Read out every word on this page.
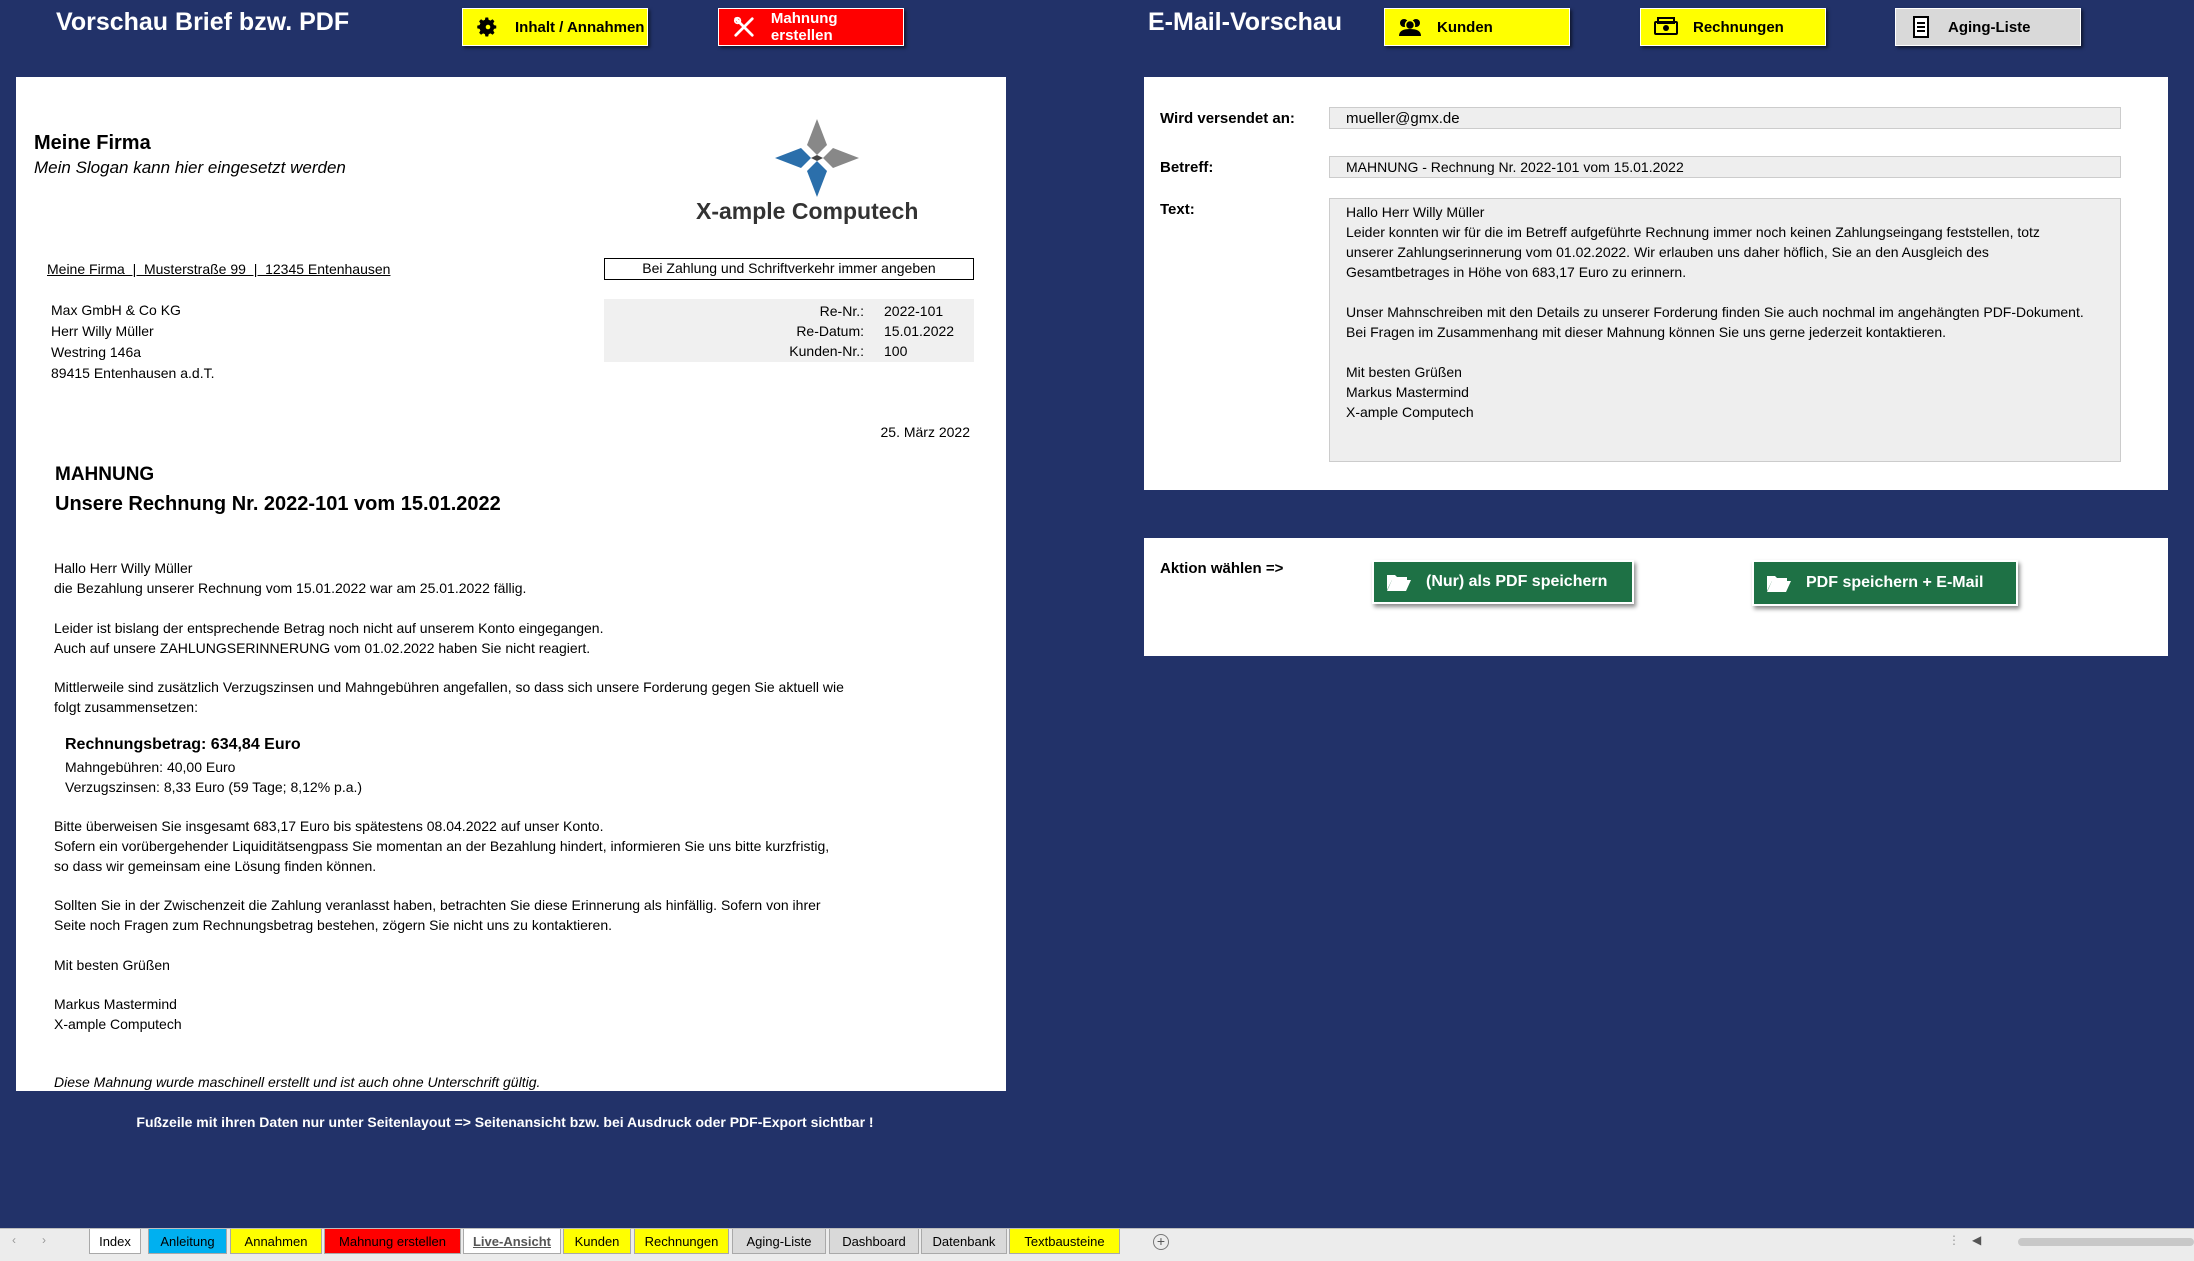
Vorschau Brief bzw. PDF	E-Mail-Vorschau
Inhalt / Annahmen	Mahnung erstellen	Kunden	Rechnungen	Aging-Liste
Meine Firma
Mein Slogan kann hier eingesetzt werden
X-ample Computech
Meine Firma  |  Musterstraße 99  |  12345 Entenhausen	Bei Zahlung und Schriftverkehr immer angeben
Max GmbH & Co KG
Herr Willy Müller
Westring 146a
89415 Entenhausen a.d.T.
Re-Nr.: 2022-101
Re-Datum: 15.01.2022
Kunden-Nr.: 100
25. März 2022
MAHNUNG
Unsere Rechnung Nr. 2022-101 vom 15.01.2022
Hallo Herr Willy Müller
die Bezahlung unserer Rechnung vom 15.01.2022 war am 25.01.2022 fällig.
Leider ist bislang der entsprechende Betrag noch nicht auf unserem Konto eingegangen.
Auch auf unsere ZAHLUNGSERINNERUNG vom 01.02.2022 haben Sie nicht reagiert.
Mittlerweile sind zusätzlich Verzugszinsen und Mahngebühren angefallen, so dass sich unsere Forderung gegen Sie aktuell wie
folgt zusammensetzen:
Rechnungsbetrag: 634,84 Euro
Mahngebühren: 40,00 Euro
Verzugszinsen: 8,33 Euro (59 Tage; 8,12% p.a.)
Bitte überweisen Sie insgesamt 683,17 Euro bis spätestens 08.04.2022 auf unser Konto.
Sofern ein vorübergehender Liquiditätsengpass Sie momentan an der Bezahlung hindert, informieren Sie uns bitte kurzfristig,
so dass wir gemeinsam eine Lösung finden können.
Sollten Sie in der Zwischenzeit die Zahlung veranlasst haben, betrachten Sie diese Erinnerung als hinfällig. Sofern von ihrer
Seite noch Fragen zum Rechnungsbetrag bestehen, zögern Sie nicht uns zu kontaktieren.
Mit besten Grüßen
Markus Mastermind
X-ample Computech
Diese Mahnung wurde maschinell erstellt und ist auch ohne Unterschrift gültig.
Fußzeile mit ihren Daten nur unter Seitenlayout => Seitenansicht bzw. bei Ausdruck oder PDF-Export sichtbar !
Wird versendet an:	mueller@gmx.de
Betreff:	MAHNUNG - Rechnung Nr. 2022-101 vom 15.01.2022
Text:	Hallo Herr Willy Müller
Leider konnten wir für die im Betreff aufgeführte Rechnung immer noch keinen Zahlungseingang feststellen, totz
unserer Zahlungserinnerung vom 01.02.2022. Wir erlauben uns daher höflich, Sie an den Ausgleich des
Gesamtbetrages in Höhe von 683,17 Euro zu erinnern.
Unser Mahnschreiben mit den Details zu unserer Forderung finden Sie auch nochmal im angehängten PDF-Dokument.
Bei Fragen im Zusammenhang mit dieser Mahnung können Sie uns gerne jederzeit kontaktieren.
Mit besten Grüßen
Markus Mastermind
X-ample Computech
Aktion wählen =>
(Nur) als PDF speichern	PDF speichern + E-Mail
‹ ›	Index Anleitung Annahmen Mahnung erstellen Live-Ansicht Kunden Rechnungen Aging-Liste Dashboard Datenbank Textbausteine	+	⋮ ◀
